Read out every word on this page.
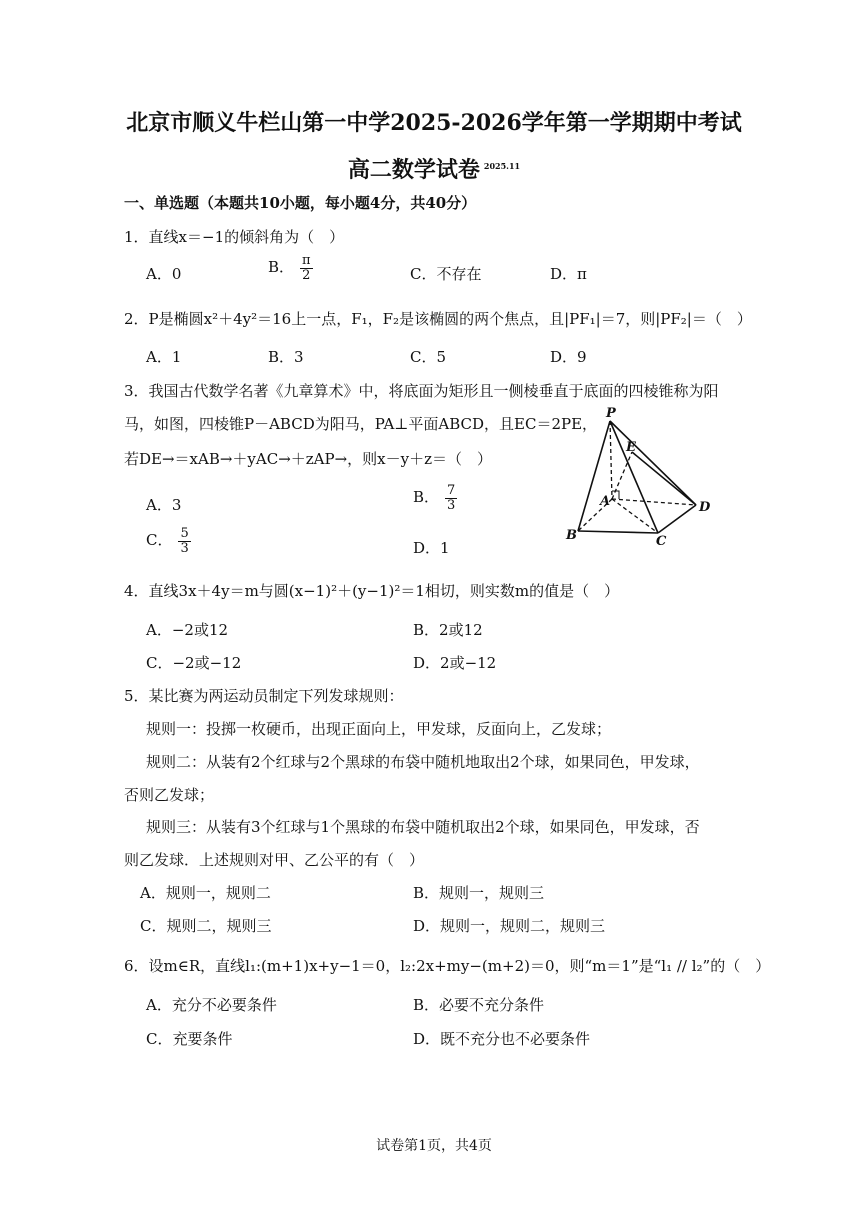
北京市顺义牛栏山第一中学2025-2026学年第一学期期中考试
高二数学试卷 $^{2025.11}$
一、单选题（本题共10小题，每小题4分，共40分）
1．直线x＝−1的倾斜角为（　）
A．0	B． $\frac{\pi}{2}$	C．不存在	D．π
2．P是椭圆x²＋4y²＝16上一点，F₁，F₂是该椭圆的两个焦点，且|PF₁|＝7，则|PF₂|＝（　）
A．1	B．3	C．5	D．9
3．我国古代数学名著《九章算术》中，将底面为矩形且一侧棱垂直于底面的四棱锥称为阳
马，如图，四棱锥P－ABCD为阳马，PA⊥平面ABCD，且EC＝2PE，
若DE→＝xAB→＋yAC→＋zAP→，则x－y＋z＝（　）
A．3	B． $\frac{7}{3}$
C． $\frac{5}{3}$	D．1
P
E
A
B	C
D
4．直线3x＋4y＝m与圆(x−1)²＋(y−1)²＝1相切，则实数m的值是（　）
A．−2或12	B．2或12
C．−2或−12	D．2或−12
5．某比赛为两运动员制定下列发球规则：
规则一：投掷一枚硬币，出现正面向上，甲发球，反面向上，乙发球；
规则二：从装有2个红球与2个黑球的布袋中随机地取出2个球，如果同色，甲发球，
否则乙发球；
规则三：从装有3个红球与1个黑球的布袋中随机取出2个球，如果同色，甲发球，否
则乙发球．上述规则对甲、乙公平的有（　）
A．规则一，规则二	B．规则一，规则三
C．规则二，规则三	D．规则一，规则二，规则三
6．设m∈R，直线l₁:(m+1)x+y−1＝0，l₂:2x+my−(m+2)＝0，则“m＝1”是“l₁ // l₂”的（　）
A．充分不必要条件	B．必要不充分条件
C．充要条件	D．既不充分也不必要条件
试卷第1页，共4页
